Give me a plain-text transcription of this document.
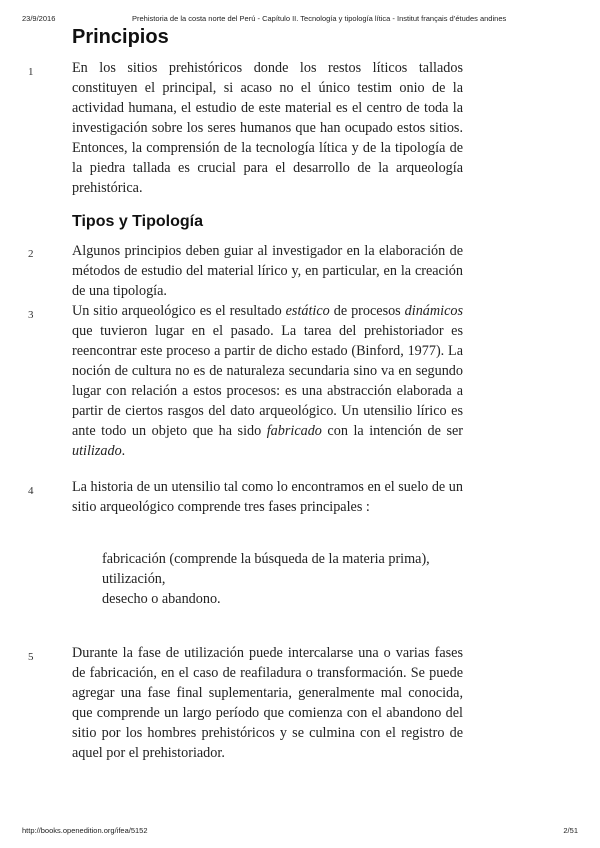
23/9/2016	Prehistoria de la costa norte del Perú - Capítulo II. Tecnología y tipología lítica - Institut français d’études andines
Principios
1	En los sitios prehistóricos donde los restos líticos tallados constituyen el principal, si acaso no el único testim onio de la actividad humana, el estudio de este material es el centro de toda la investigación sobre los seres humanos que han ocupado estos sitios. Entonces, la comprensión de la tecnología lítica y de la tipología de la piedra tallada es crucial para el desarrollo de la arqueología prehistórica.

Tipos y Tipología
2	Algunos principios deben guiar al investigador en la elaboración de métodos de estudio del material lírico y, en particular, en la creación de una tipología.

3	Un sitio arqueológico es el resultado estático de procesos dinámicos que tuvieron lugar en el pasado. La tarea del prehistoriador es reencontrar este proceso a partir de dicho estado (Binford, 1977). La noción de cultura no es de naturaleza secundaria sino va en segundo lugar con relación a estos procesos: es una abstracción elaborada a partir de ciertos rasgos del dato arqueológico. Un utensilio lírico es ante todo un objeto que ha sido fabricado con la intención de ser utilizado.

4	La historia de un utensilio tal como lo encontramos en el suelo de un sitio arqueológico comprende tres fases principales :

fabricación (comprende la búsqueda de la materia prima),
utilización,
desecho o abandono.
5	Durante la fase de utilización puede intercalarse una o varias fases de fabricación, en el caso de reafiladura o transformación. Se puede agregar una fase final suplementaria, generalmente mal conocida, que comprende un largo período que comienza con el abandono del sitio por los hombres prehistóricos y se culmina con el registro de aquel por el prehistoriador.

http://books.openedition.org/ifea/5152	2/51
